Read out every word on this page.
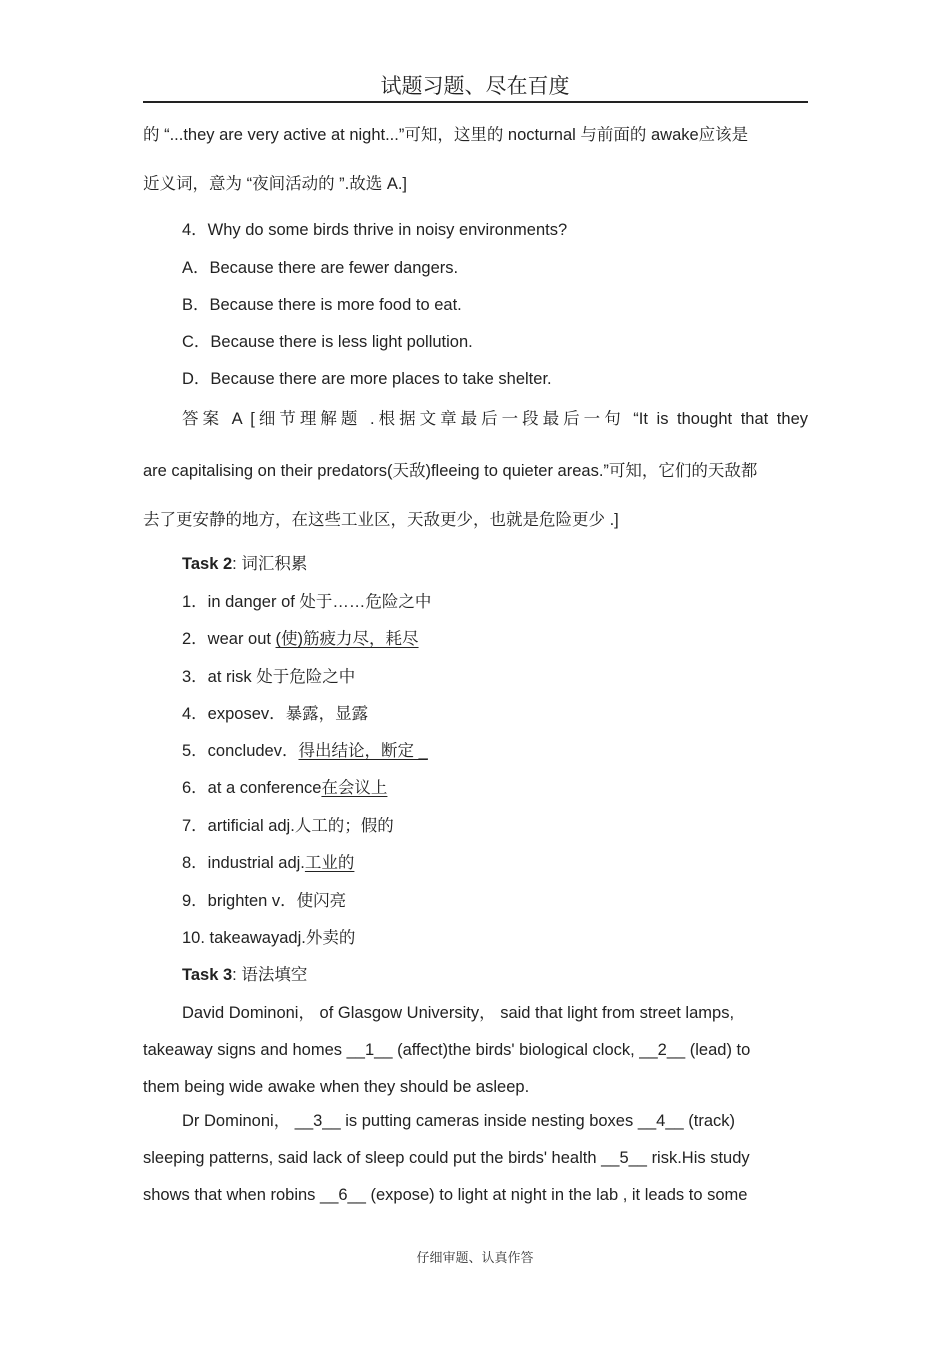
试题习题、尽在百度
的 “...they are very active at night...”可知，这里的 nocturnal 与前面的 awake应该是
近义词，意为 “夜间活动的 ”.故选 A.]
4．Why do some birds thrive in noisy environments?
A．Because there are fewer dangers.
B．Because there is more food to eat.
C．Because there is less light pollution.
D．Because there are more places to take shelter.
答案 A [细节理解题 .根据文章最后一段最后一句 “It is thought that they
are capitalising on their predators(天敌)fleeing to quieter areas.”可知，它们的天敌都
去了更安静的地方，在这些工业区，天敌更少，也就是危险更少 .]
Task 2: 词汇积累
1．in danger of 处于……危险之中
2．wear out (使)筋疲力尽，耗尽
3．at risk 处于危险之中
4．exposev．暴露，显露
5．concludev．得出结论，断定 _
6．at a conference在会议上
7．artificial adj.人工的；假的
8．industrial adj.工业的
9．brighten v．使闪亮
10. takeawayadj.外卖的
Task 3: 语法填空
David Dominoni， of Glasgow University， said that light from street lamps,
takeaway signs and homes __1__ (affect)the birds' biological clock, __2__ (lead) to
them being wide awake when they should be asleep.
Dr Dominoni， __3__ is putting cameras inside nesting boxes __4__ (track)
sleeping patterns, said lack of sleep could put the birds' health __5__ risk.His study
shows that when robins __6__ (expose) to light at night in the lab , it leads to some
仔细审题、认真作答
